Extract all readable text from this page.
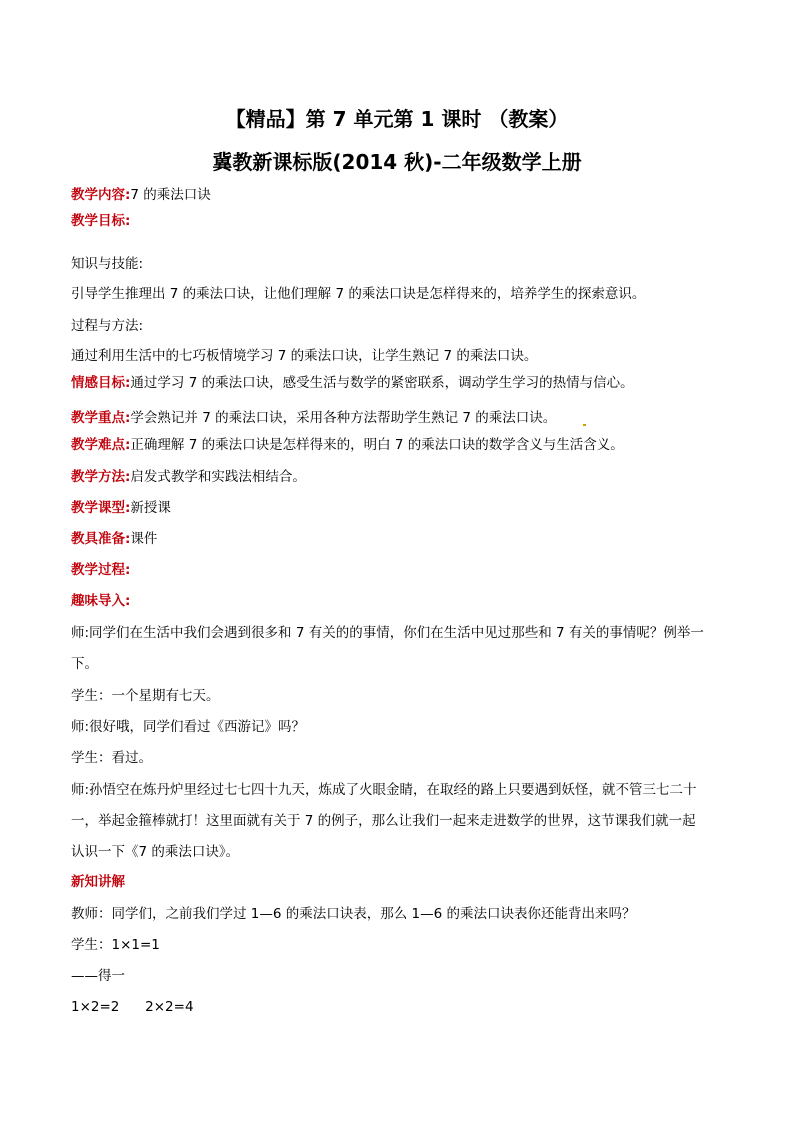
【精品】第 7 单元第 1 课时 （教案）
冀教新课标版(2014 秋)-二年级数学上册
教学内容:7 的乘法口诀
教学目标:
知识与技能:
引导学生推理出 7 的乘法口诀，让他们理解 7 的乘法口诀是怎样得来的，培养学生的探索意识。
过程与方法:
通过利用生活中的七巧板情境学习 7 的乘法口诀，让学生熟记 7 的乘法口诀。
情感目标:通过学习 7 的乘法口诀，感受生活与数学的紧密联系，调动学生学习的热情与信心。
教学重点:学会熟记并 7 的乘法口诀，采用各种方法帮助学生熟记 7 的乘法口诀。
教学难点:正确理解 7 的乘法口诀是怎样得来的，明白 7 的乘法口诀的数学含义与生活含义。
教学方法:启发式教学和实践法相结合。
教学课型:新授课
教具准备:课件
教学过程:
趣味导入:
师:同学们在生活中我们会遇到很多和 7 有关的的事情，你们在生活中见过那些和 7 有关的事情呢？例举一
下。
学生：一个星期有七天。
师:很好哦，同学们看过《西游记》吗？
学生：看过。
师:孙悟空在炼丹炉里经过七七四十九天，炼成了火眼金睛，在取经的路上只要遇到妖怪，就不管三七二十
一，举起金箍棒就打！这里面就有关于 7 的例子，那么让我们一起来走进数学的世界，这节课我们就一起
认识一下《7 的乘法口诀》。
新知讲解
教师：同学们，之前我们学过 1—6 的乘法口诀表，那么 1—6 的乘法口诀表你还能背出来吗？
学生：1×1=1
——得一
1×2=2      2×2=4
